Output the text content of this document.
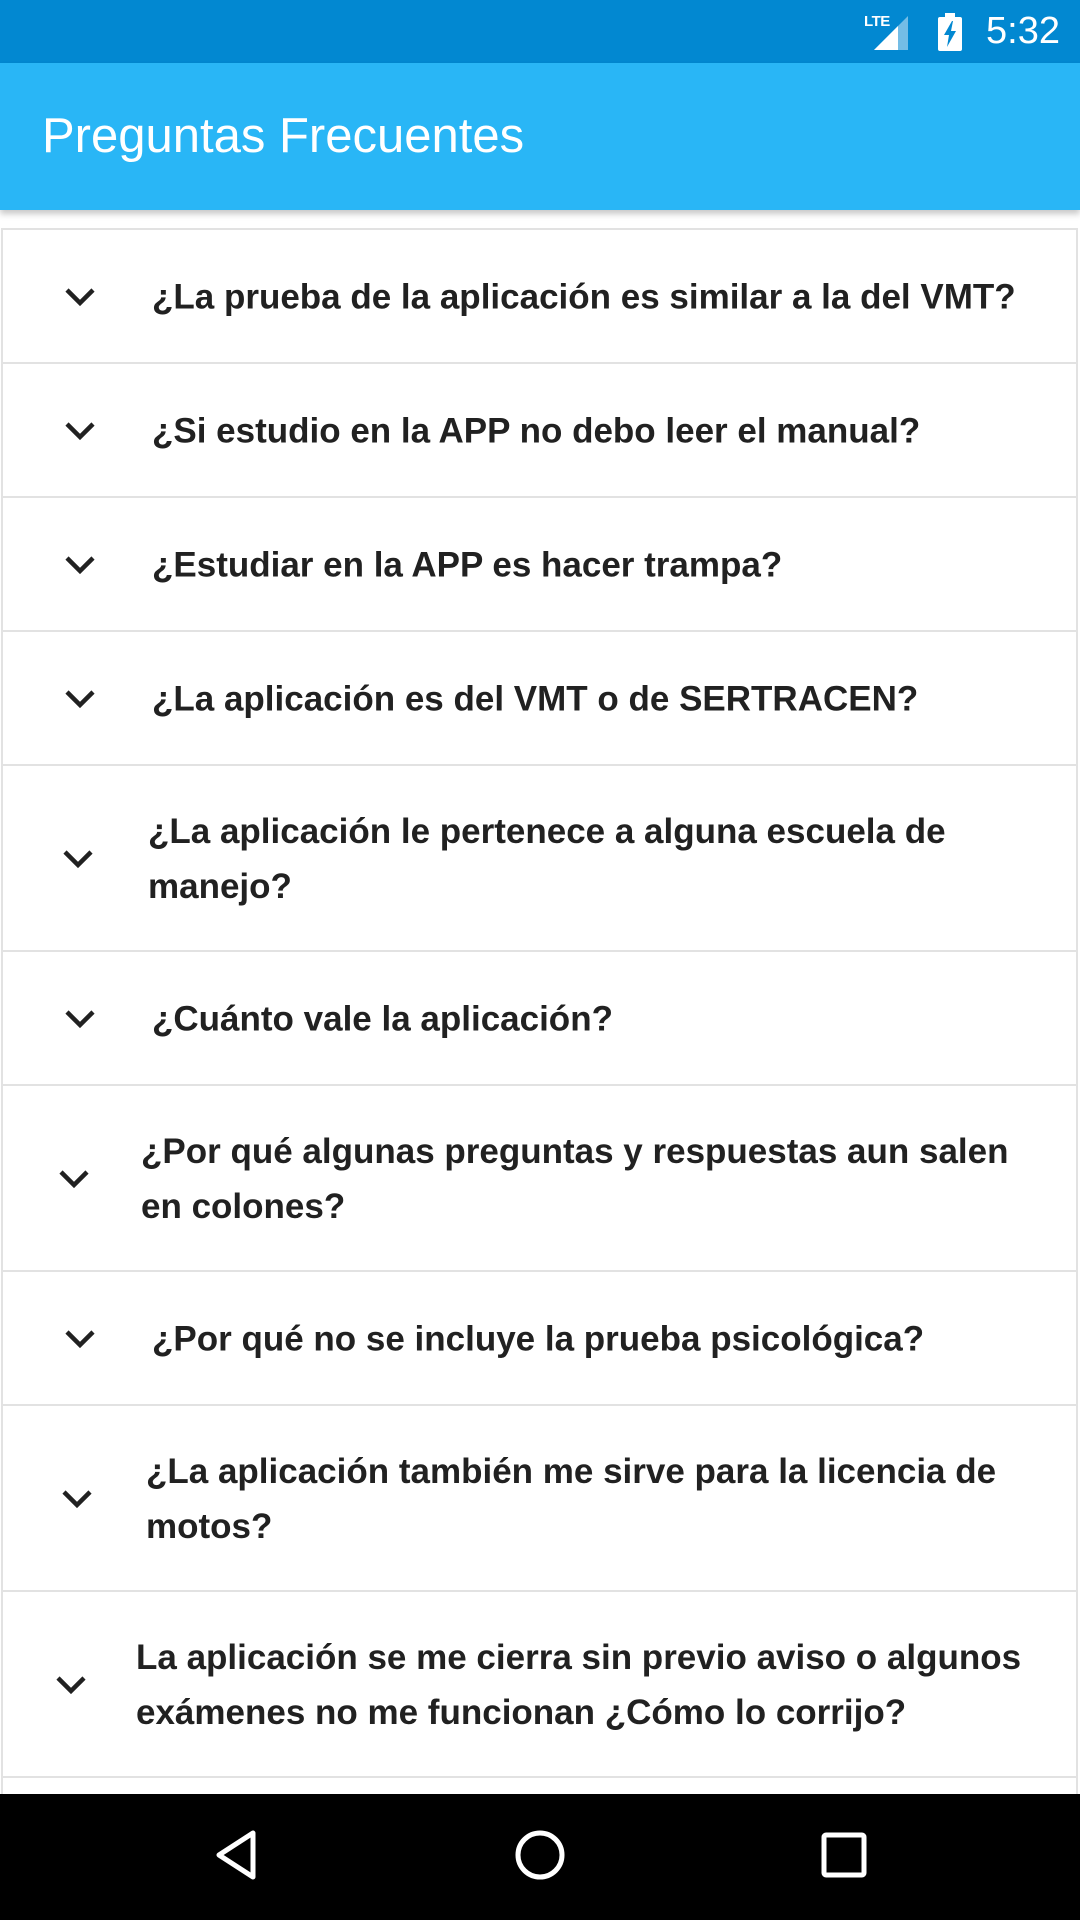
LTE	5:32
Preguntas Frecuentes
¿La prueba de la aplicación es similar a la del VMT?
¿Si estudio en la APP no debo leer el manual?
¿Estudiar en la APP es hacer trampa?
¿La aplicación es del VMT o de SERTRACEN?
¿La aplicación le pertenece a alguna escuela de manejo?
¿Cuánto vale la aplicación?
¿Por qué algunas preguntas y respuestas aun salen en colones?
¿Por qué no se incluye la prueba psicológica?
¿La aplicación también me sirve para la licencia de motos?
La aplicación se me cierra sin previo aviso o algunos exámenes no me funcionan ¿Cómo lo corrijo?
